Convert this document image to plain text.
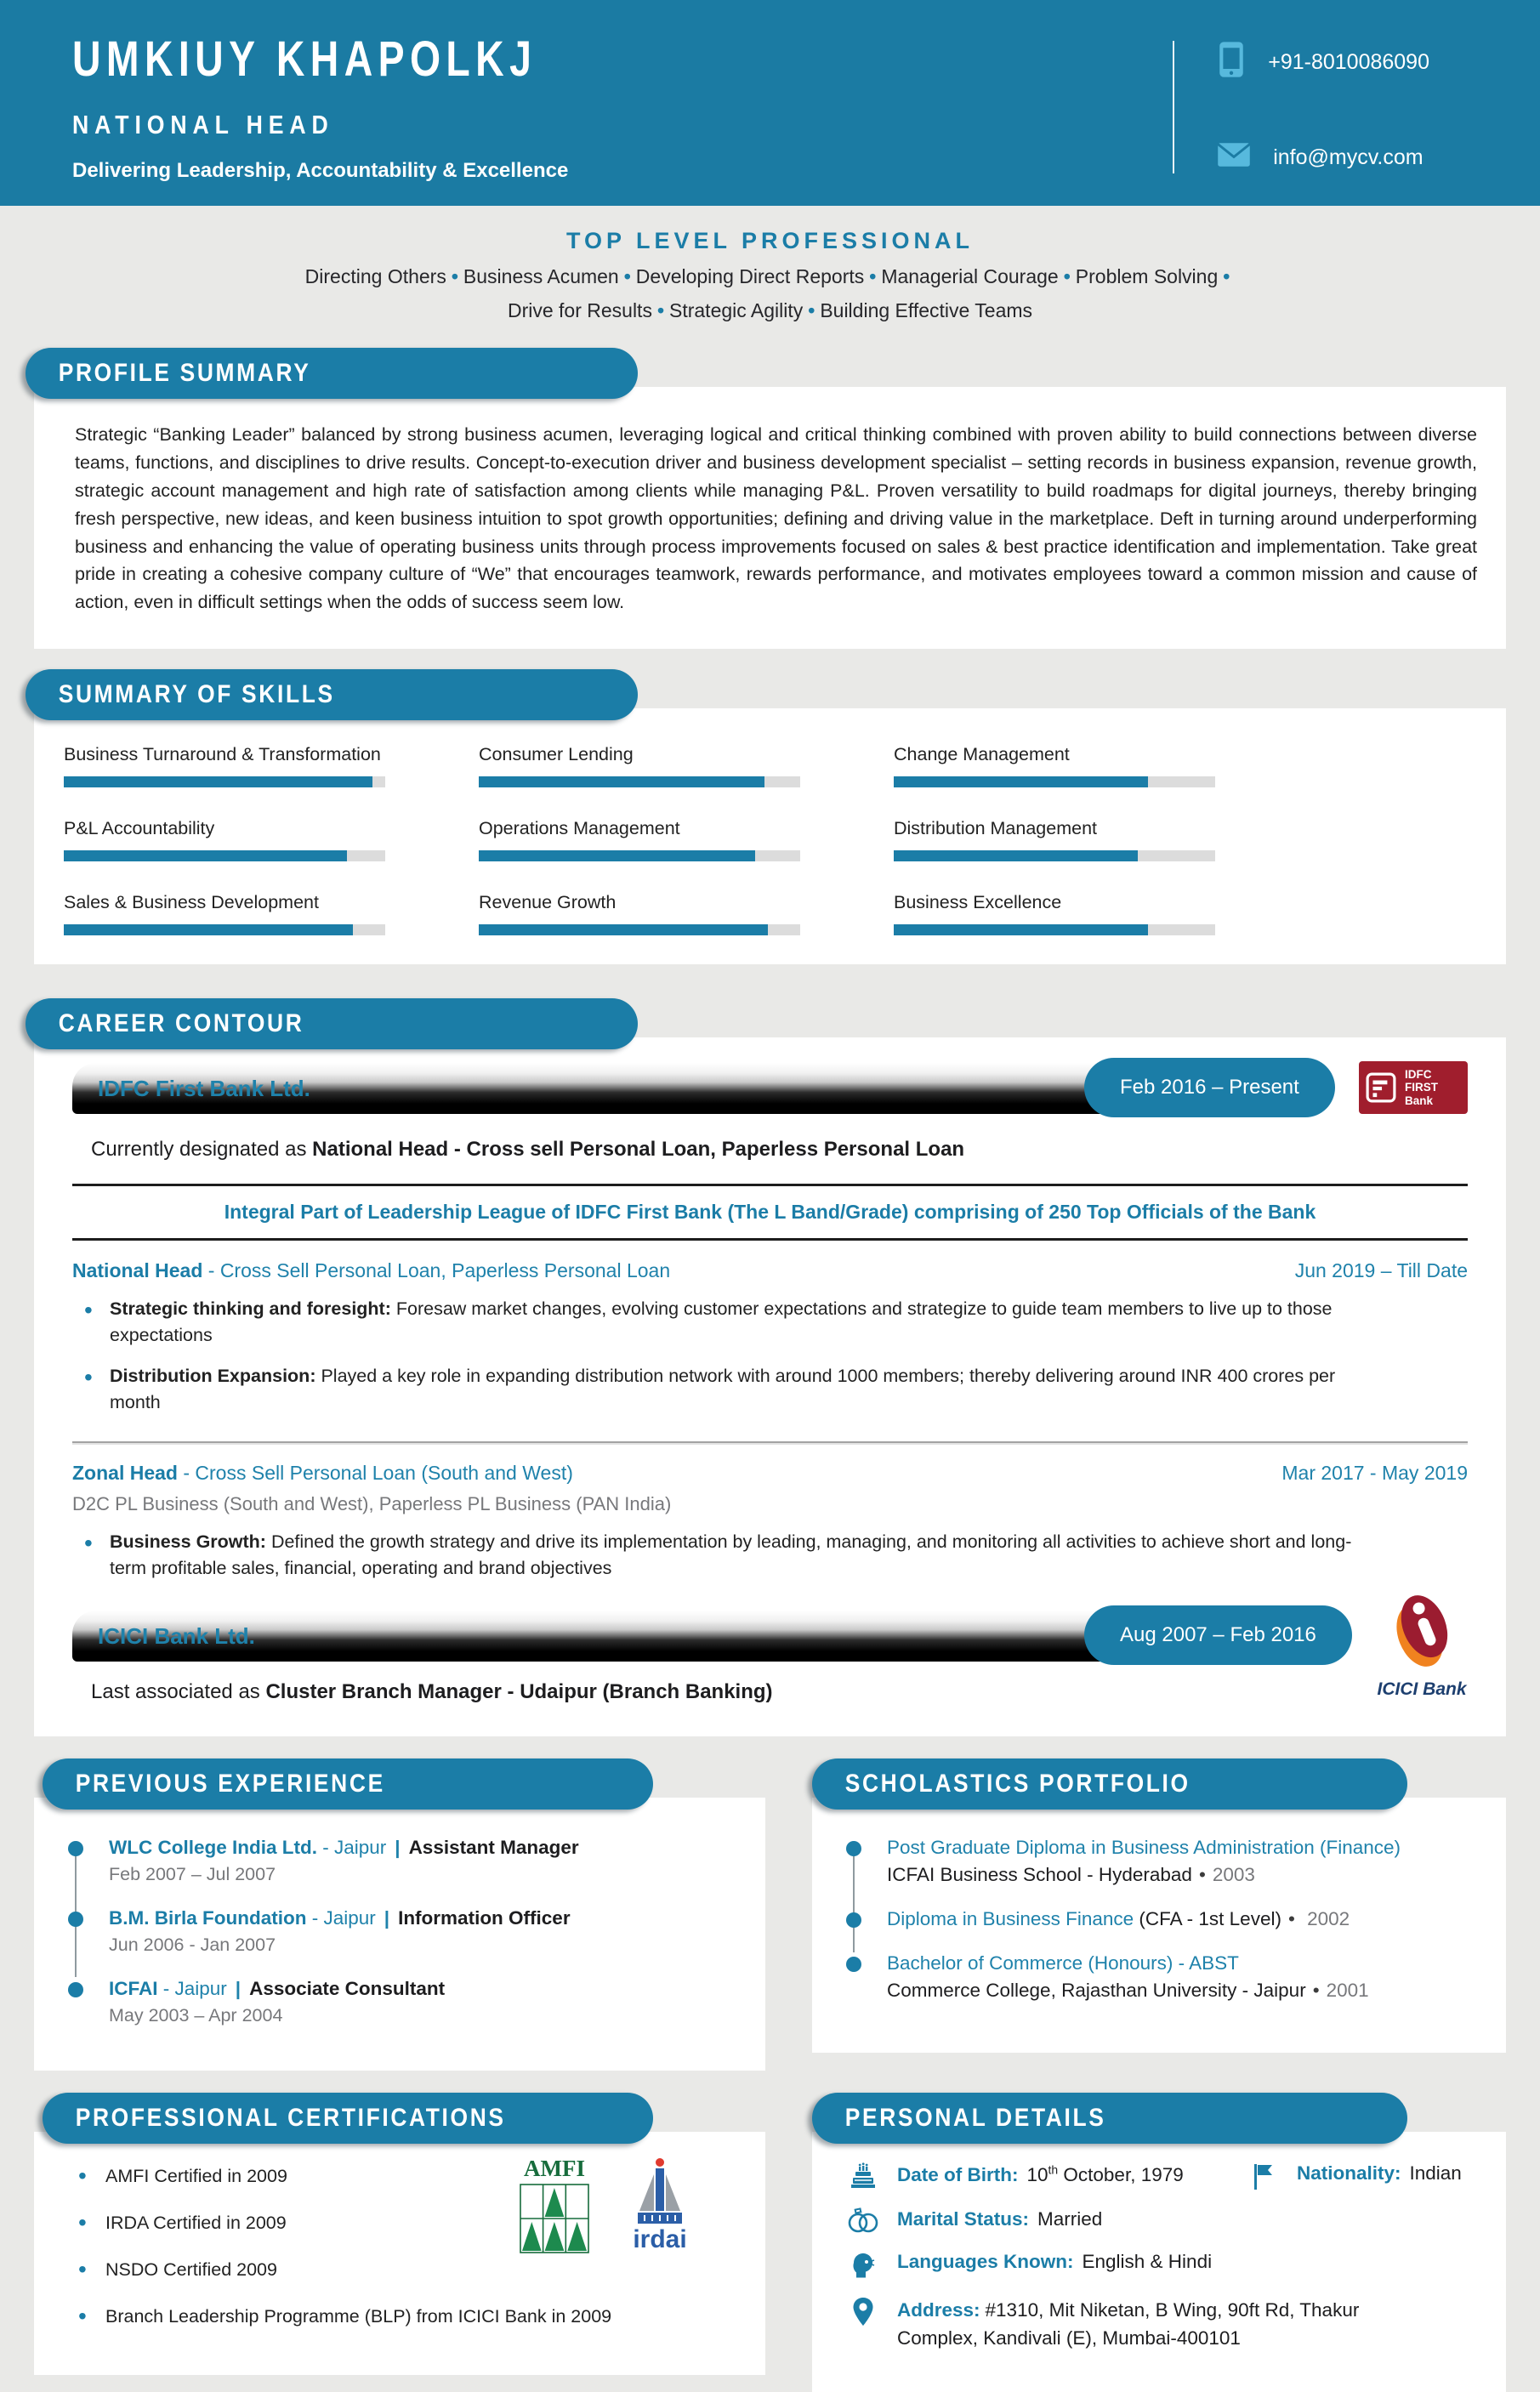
UMKIUY KHAPOLKJ
NATIONAL HEAD
Delivering Leadership, Accountability & Excellence
+91-8010086090
info@mycv.com
TOP LEVEL PROFESSIONAL
Directing Others • Business Acumen • Developing Direct Reports • Managerial Courage • Problem Solving •
Drive for Results • Strategic Agility • Building Effective Teams
PROFILE SUMMARY
Strategic “Banking Leader” balanced by strong business acumen, leveraging logical and critical thinking combined with proven ability to build connections between diverse teams, functions, and disciplines to drive results. Concept-to-execution driver and business development specialist – setting records in business expansion, revenue growth, strategic account management and high rate of satisfaction among clients while managing P&L. Proven versatility to build roadmaps for digital journeys, thereby bringing fresh perspective, new ideas, and keen business intuition to spot growth opportunities; defining and driving value in the marketplace. Deft in turning around underperforming business and enhancing the value of operating business units through process improvements focused on sales & best practice identification and implementation. Take great pride in creating a cohesive company culture of “We” that encourages teamwork, rewards performance, and motivates employees toward a common mission and cause of action, even in difficult settings when the odds of success seem low.
SUMMARY OF SKILLS
Business Turnaround & Transformation	Consumer Lending	Change Management
P&L Accountability	Operations Management	Distribution Management
Sales & Business Development	Revenue Growth	Business Excellence
CAREER CONTOUR
IDFC First Bank Ltd.	Feb 2016 – Present
IDFC FIRST
Bank
Currently designated as National Head - Cross sell Personal Loan, Paperless Personal Loan
Integral Part of Leadership League of IDFC First Bank (The L Band/Grade) comprising of 250 Top Officials of the Bank
National Head - Cross Sell Personal Loan, Paperless Personal Loan	Jun 2019 – Till Date
• Strategic thinking and foresight: Foresaw market changes, evolving customer expectations and strategize to guide team members to live up to those expectations
• Distribution Expansion: Played a key role in expanding distribution network with around 1000 members; thereby delivering around INR 400 crores per month
Zonal Head - Cross Sell Personal Loan (South and West)	Mar 2017 - May 2019
D2C PL Business (South and West), Paperless PL Business (PAN India)
• Business Growth: Defined the growth strategy and drive its implementation by leading, managing, and monitoring all activities to achieve short and long-term profitable sales, financial, operating and brand objectives
ICICI Bank Ltd.	Aug 2007 – Feb 2016
ICICI Bank
Last associated as Cluster Branch Manager - Udaipur (Branch Banking)
PREVIOUS EXPERIENCE
WLC College India Ltd. - Jaipur | Assistant Manager
Feb 2007 – Jul 2007
B.M. Birla Foundation - Jaipur | Information Officer
Jun 2006 - Jan 2007
ICFAI - Jaipur | Associate Consultant
May 2003 – Apr 2004
SCHOLASTICS PORTFOLIO
Post Graduate Diploma in Business Administration (Finance)
ICFAI Business School - Hyderabad • 2003
Diploma in Business Finance (CFA - 1st Level) • 2002
Bachelor of Commerce (Honours) - ABST
Commerce College, Rajasthan University - Jaipur • 2001
PROFESSIONAL CERTIFICATIONS
• AMFI Certified in 2009
• IRDA Certified in 2009
• NSDO Certified 2009
• Branch Leadership Programme (BLP) from ICICI Bank in 2009
AMFI
irdai
PERSONAL DETAILS
Date of Birth: 10th October, 1979	Nationality: Indian
Marital Status: Married
Languages Known: English & Hindi
Address: #1310, Mit Niketan, B Wing, 90ft Rd, Thakur Complex, Kandivali (E), Mumbai-400101
